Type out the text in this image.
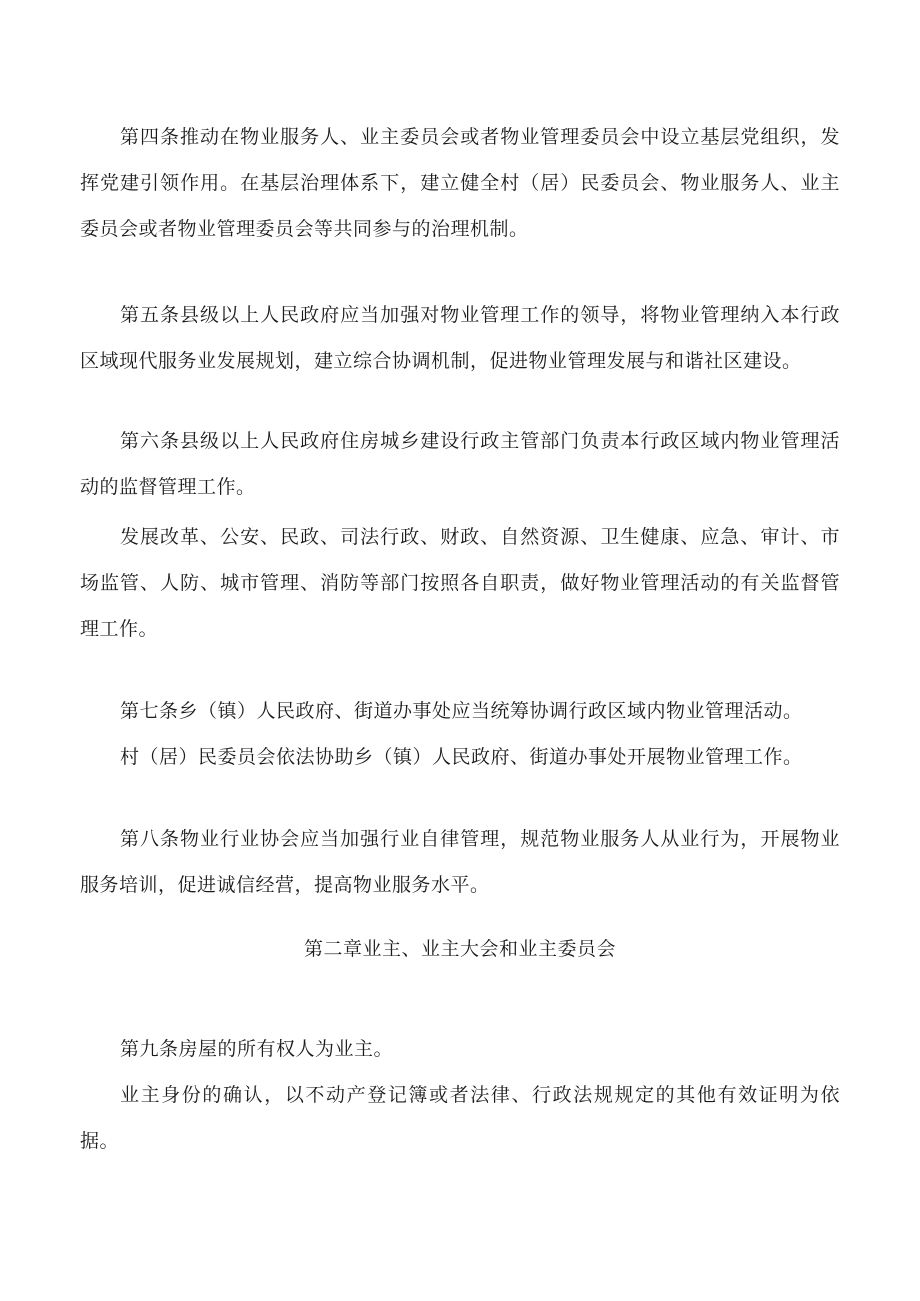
第四条推动在物业服务人、业主委员会或者物业管理委员会中设立基层党组织，发挥党建引领作用。在基层治理体系下，建立健全村（居）民委员会、物业服务人、业主委员会或者物业管理委员会等共同参与的治理机制。

第五条县级以上人民政府应当加强对物业管理工作的领导，将物业管理纳入本行政区域现代服务业发展规划，建立综合协调机制，促进物业管理发展与和谐社区建设。

第六条县级以上人民政府住房城乡建设行政主管部门负责本行政区域内物业管理活动的监督管理工作。

发展改革、公安、民政、司法行政、财政、自然资源、卫生健康、应急、审计、市场监管、人防、城市管理、消防等部门按照各自职责，做好物业管理活动的有关监督管理工作。

第七条乡（镇）人民政府、街道办事处应当统筹协调行政区域内物业管理活动。

村（居）民委员会依法协助乡（镇）人民政府、街道办事处开展物业管理工作。

第八条物业行业协会应当加强行业自律管理，规范物业服务人从业行为，开展物业服务培训，促进诚信经营，提高物业服务水平。

第二章业主、业主大会和业主委员会

第九条房屋的所有权人为业主。

业主身份的确认，以不动产登记簿或者法律、行政法规规定的其他有效证明为依据。
